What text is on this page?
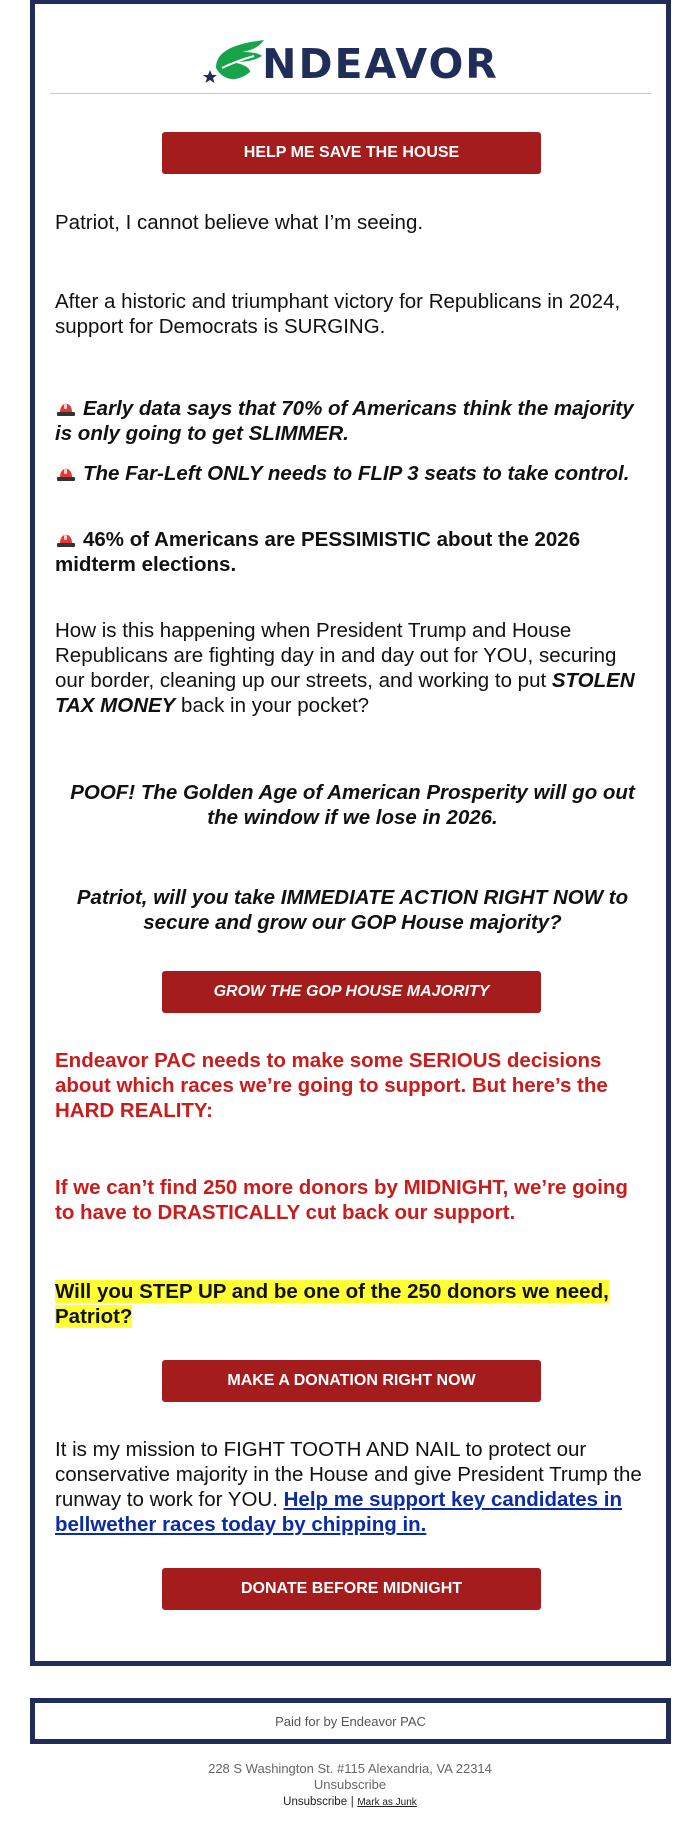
NDEAVOR
HELP ME SAVE THE HOUSE
Patriot, I cannot believe what I’m seeing.
After a historic and triumphant victory for Republicans in 2024, support for Democrats is SURGING.
Early data says that 70% of Americans think the majority is only going to get SLIMMER.
The Far-Left ONLY needs to FLIP 3 seats to take control.
46% of Americans are PESSIMISTIC about the 2026 midterm elections.
How is this happening when President Trump and House Republicans are fighting day in and day out for YOU, securing our border, cleaning up our streets, and working to put STOLEN TAX MONEY back in your pocket?
POOF! The Golden Age of American Prosperity will go out the window if we lose in 2026.
Patriot, will you take IMMEDIATE ACTION RIGHT NOW to secure and grow our GOP House majority?
GROW THE GOP HOUSE MAJORITY
Endeavor PAC needs to make some SERIOUS decisions about which races we’re going to support. But here’s the HARD REALITY:
If we can’t find 250 more donors by MIDNIGHT, we’re going to have to DRASTICALLY cut back our support.
Will you STEP UP and be one of the 250 donors we need, Patriot?
MAKE A DONATION RIGHT NOW
It is my mission to FIGHT TOOTH AND NAIL to protect our conservative majority in the House and give President Trump the runway to work for YOU. Help me support key candidates in bellwether races today by chipping in.
DONATE BEFORE MIDNIGHT
Paid for by Endeavor PAC
228 S Washington St. #115 Alexandria, VA 22314
Unsubscribe
Unsubscribe | Mark as Junk
